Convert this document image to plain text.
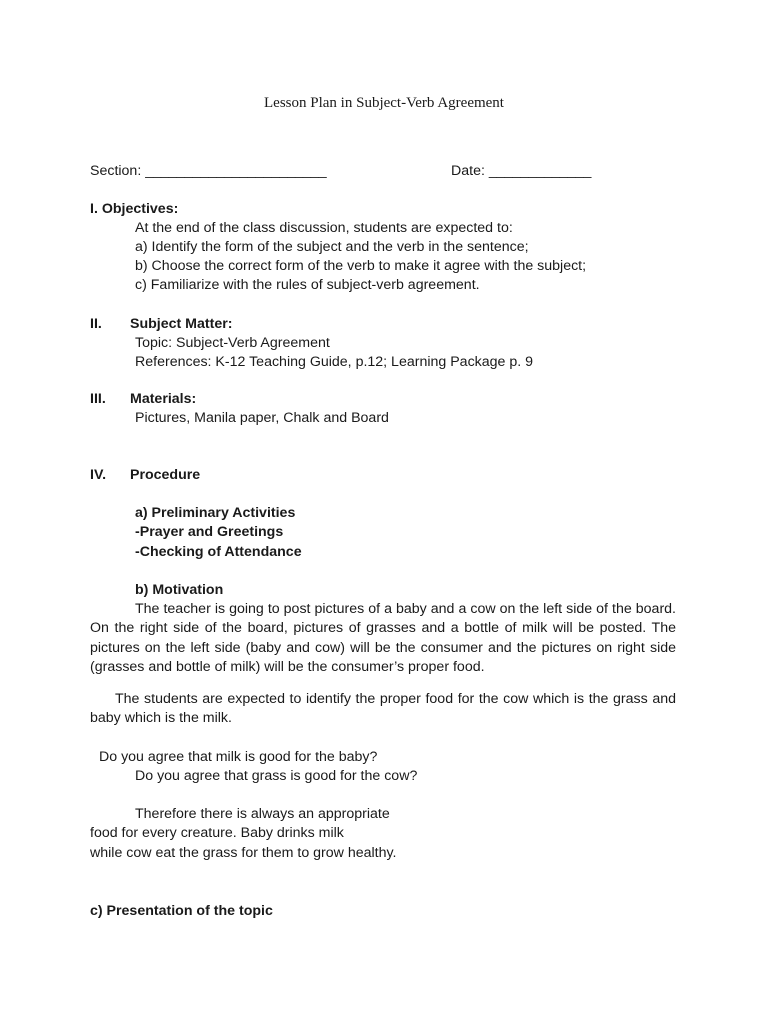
Lesson Plan in Subject-Verb Agreement
Section: _______________________	Date: _____________
I. Objectives:
At the end of the class discussion, students are expected to:
a) Identify the form of the subject and the verb in the sentence;
b) Choose the correct form of the verb to make it agree with the subject;
c) Familiarize with the rules of subject-verb agreement.
II. Subject Matter:
Topic: Subject-Verb Agreement
References: K-12 Teaching Guide, p.12; Learning Package p. 9
III. Materials:
Pictures, Manila paper, Chalk and Board
IV. Procedure
a) Preliminary Activities
-Prayer and Greetings
-Checking of Attendance
b) Motivation
The teacher is going to post pictures of a baby and a cow on the left side of the board. On the right side of the board, pictures of grasses and a bottle of milk will be posted. The pictures on the left side (baby and cow) will be the consumer and the pictures on right side (grasses and bottle of milk) will be the consumer’s proper food.
The students are expected to identify the proper food for the cow which is the grass and baby which is the milk.
Do you agree that milk is good for the baby?
Do you agree that grass is good for the cow?
Therefore there is always an appropriate
food for every creature. Baby drinks milk
while cow eat the grass for them to grow healthy.
c) Presentation of the topic
